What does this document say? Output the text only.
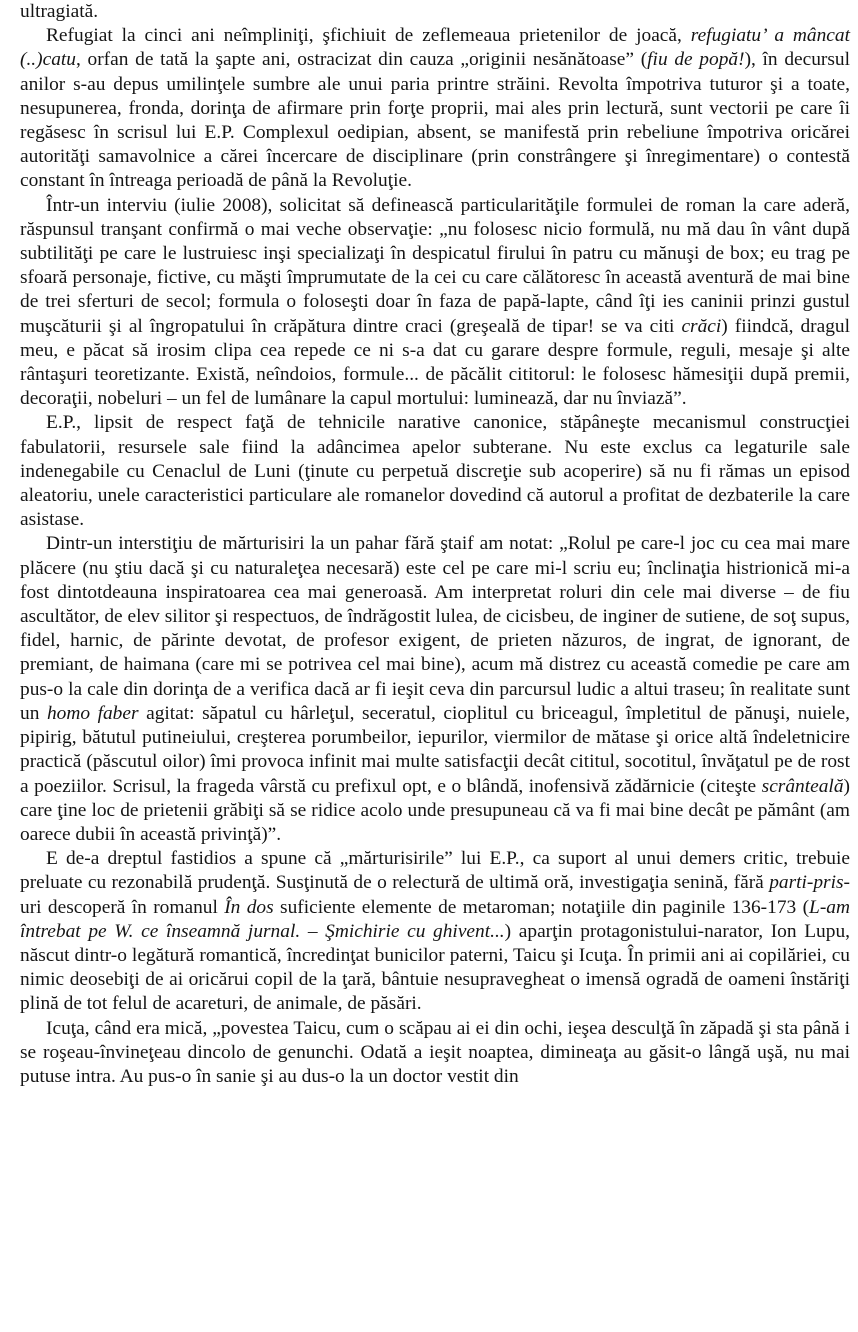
ultragiată.

Refugiat la cinci ani neîmpliniţi, şfichiuit de zeflemeaua prietenilor de joacă, refugiatu’ a mâncat (..)catu, orfan de tată la şapte ani, ostracizat din cauza „originii nesănătoase” (fiu de popă!), în decursul anilor s-au depus umilinţele sumbre ale unui paria printre străini. Revolta împotriva tuturor şi a toate, nesupunerea, fronda, dorinţa de afirmare prin forţe proprii, mai ales prin lectură, sunt vectorii pe care îi regăsesc în scrisul lui E.P. Complexul oedipian, absent, se manifestă prin rebeliune împotriva oricărei autorităţi samavolnice a cărei încercare de disciplinare (prin constrângere şi înregimentare) o contestă constant în întreaga perioadă de până la Revoluţie.

Într-un interviu (iulie 2008), solicitat să definească particularităţile formulei de roman la care aderă, răspunsul tranşant confirmă o mai veche observaţie: „nu folosesc nicio formulă, nu mă dau în vânt după subtilităţi pe care le lustruiesc inşi specializaţi în despicatul firului în patru cu mănuşi de box; eu trag pe sfoară personaje, fictive, cu măşti împrumutate de la cei cu care călătoresc în această aventură de mai bine de trei sferturi de secol; formula o foloseşti doar în faza de papă-lapte, când îţi ies caninii prinzi gustul muşcăturii şi al îngropatului în crăpătura dintre craci (greşeală de tipar! se va citi crăci) fiindcă, dragul meu, e păcat să irosim clipa cea repede ce ni s-a dat cu garare despre formule, reguli, mesaje şi alte rântaşuri teoretizante. Există, neîndoios, formule... de păcălit cititorul: le folosesc hămesiţii după premii, decoraţii, nobeluri – un fel de lumânare la capul mortului: luminează, dar nu înviază”.

E.P., lipsit de respect faţă de tehnicile narative canonice, stăpâneşte mecanismul construcţiei fabulatorii, resursele sale fiind la adâncimea apelor subterane. Nu este exclus ca legaturile sale indenegabile cu Cenaclul de Luni (ţinute cu perpetuă discreţie sub acoperire) să nu fi rămas un episod aleatoriu, unele caracteristici particulare ale romanelor dovedind că autorul a profitat de dezbaterile la care asistase.

Dintr-un interstiţiu de mărturisiri la un pahar fără ştaif am notat: „Rolul pe care-l joc cu cea mai mare plăcere (nu ştiu dacă şi cu naturaleţea necesară) este cel pe care mi-l scriu eu; înclinaţia histrionică mi-a fost dintotdeauna inspiratoarea cea mai generoasă. Am interpretat roluri din cele mai diverse – de fiu ascultător, de elev silitor şi respectuos, de îndrăgostit lulea, de cicisbeu, de inginer de sutiene, de soţ supus, fidel, harnic, de părinte devotat, de profesor exigent, de prieten năzuros, de ingrat, de ignorant, de premiant, de haimana (care mi se potrivea cel mai bine), acum mă distrez cu această comedie pe care am pus-o la cale din dorinţa de a verifica dacă ar fi ieşit ceva din parcursul ludic a altui traseu; în realitate sunt un homo faber agitat: săpatul cu hârleţul, seceratul, cioplitul cu briceagul, împletitul de pănuşi, nuiele, pipirig, bătutul putineiului, creşterea porumbeilor, iepurilor, viermilor de mătase şi orice altă îndeletnicire practică (păscutul oilor) îmi provoca infinit mai multe satisfacţii decât cititul, socotitul, învăţatul pe de rost a poeziilor. Scrisul, la fragedа vârstă cu prefixul opt, e o blândă, inofensivă zădărnicie (citeşte scrânteală) care ţine loc de prietenii grăbiţi să se ridice acolo unde presupuneau că va fi mai bine decât pe pământ (am oarece dubii în această privinţă)”.

E de-a dreptul fastidios a spune că „mărturisirile” lui E.P., ca suport al unui demers critic, trebuie preluate cu rezonabilă prudenţă. Susţinută de o relectură de ultimă oră, investigaţia senină, fără parti-pris-uri descoperă în romanul În dos suficiente elemente de metaroman; notaţiile din paginile 136-173 (L-am întrebat pe W. ce înseamnă jurnal. – Şmichirie cu ghivent...) aparţin protagonistului-narator, Ion Lupu, născut dintr-o legătură romantică, încredinţat bunicilor paterni, Taicu şi Icuţa. În primii ani ai copilăriei, cu nimic deosebiţi de ai oricărui copil de la ţară, bântuie nesupravegheat o imensă ogradă de oameni înstăriţi plină de tot felul de acareturi, de animale, de păsări.

Icuţa, când era mică, „povestea Taicu, cum o scăpau ai ei din ochi, ieşea desculţă în zăpadă şi sta până i se roşeau-învineţeau dincolo de genunchi. Odată a ieşit noaptea, dimineaţa au găsit-o lângă uşă, nu mai putuse intra. Au pus-o în sanie şi au dus-o la un doctor vestit din
